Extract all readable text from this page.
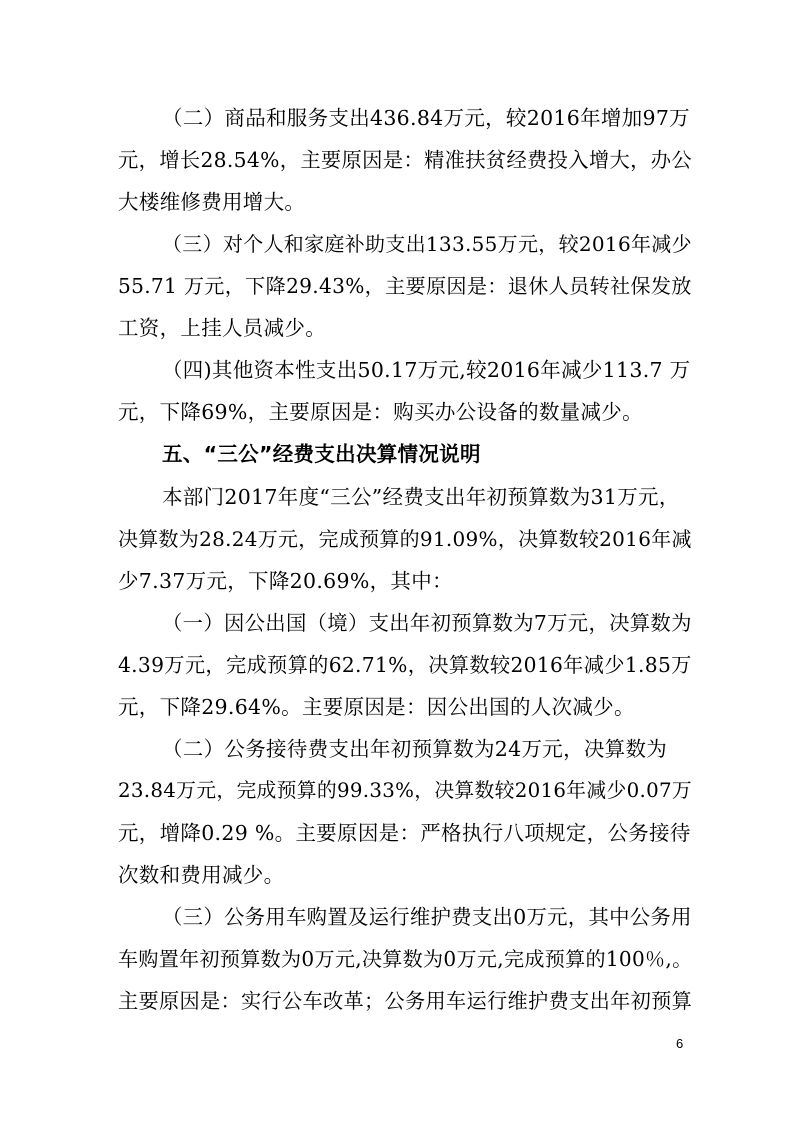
（二）商品和服务支出436.84万元，较2016年增加97万
元，增长28.54%，主要原因是：精准扶贫经费投入增大，办公
大楼维修费用增大。
（三）对个人和家庭补助支出133.55万元，较2016年减少
55.71 万元，下降29.43%，主要原因是：退休人员转社保发放
工资，上挂人员减少。
（四)其他资本性支出50.17万元,较2016年减少113.7 万
元，下降69%，主要原因是：购买办公设备的数量减少。
五、“三公”经费支出决算情况说明
本部门2017年度“三公”经费支出年初预算数为31万元，
决算数为28.24万元，完成预算的91.09%，决算数较2016年减
少7.37万元，下降20.69%，其中：
（一）因公出国（境）支出年初预算数为7万元，决算数为
4.39万元，完成预算的62.71%，决算数较2016年减少1.85万
元，下降29.64%。主要原因是：因公出国的人次减少。
（二）公务接待费支出年初预算数为24万元，决算数为
23.84万元，完成预算的99.33%，决算数较2016年减少0.07万
元，增降0.29 %。主要原因是：严格执行八项规定，公务接待
次数和费用减少。
（三）公务用车购置及运行维护费支出0万元，其中公务用
车购置年初预算数为0万元,决算数为0万元,完成预算的100％,。
主要原因是：实行公车改革；公务用车运行维护费支出年初预算
6
